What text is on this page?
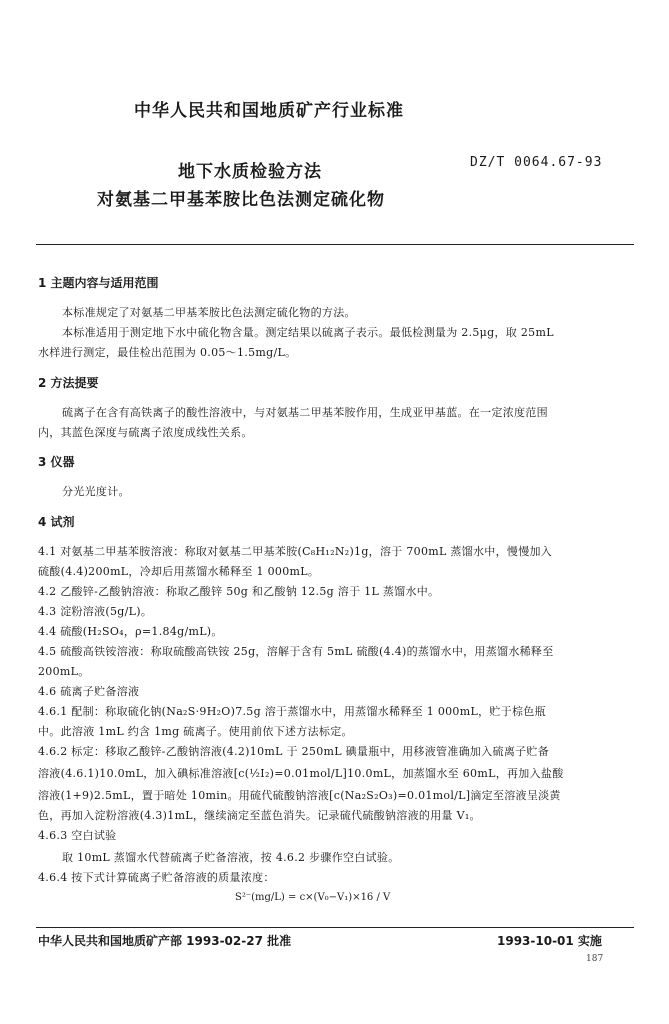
中华人民共和国地质矿产行业标准
地下水质检验方法
对氨基二甲基苯胺比色法测定硫化物
DZ/T 0064.67-93
1 主题内容与适用范围
本标准规定了对氨基二甲基苯胺比色法测定硫化物的方法。
本标准适用于测定地下水中硫化物含量。测定结果以硫离子表示。最低检测量为 2.5μg，取 25mL
水样进行测定，最佳检出范围为 0.05～1.5mg/L。
2 方法提要
硫离子在含有高铁离子的酸性溶液中，与对氨基二甲基苯胺作用，生成亚甲基蓝。在一定浓度范围
内，其蓝色深度与硫离子浓度成线性关系。
3 仪器
分光光度计。
4 试剂
4.1 对氨基二甲基苯胺溶液：称取对氨基二甲基苯胺(C₈H₁₂N₂)1g，溶于 700mL 蒸馏水中，慢慢加入
硫酸(4.4)200mL，冷却后用蒸馏水稀释至 1 000mL。
4.2 乙酸锌-乙酸钠溶液：称取乙酸锌 50g 和乙酸钠 12.5g 溶于 1L 蒸馏水中。
4.3 淀粉溶液(5g/L)。
4.4 硫酸(H₂SO₄，ρ=1.84g/mL)。
4.5 硫酸高铁铵溶液：称取硫酸高铁铵 25g，溶解于含有 5mL 硫酸(4.4)的蒸馏水中，用蒸馏水稀释至
200mL。
4.6 硫离子贮备溶液
4.6.1 配制：称取硫化钠(Na₂S·9H₂O)7.5g 溶于蒸馏水中，用蒸馏水稀释至 1 000mL，贮于棕色瓶
中。此溶液 1mL 约含 1mg 硫离子。使用前依下述方法标定。
4.6.2 标定：移取乙酸锌-乙酸钠溶液(4.2)10mL 于 250mL 碘量瓶中，用移液管准确加入硫离子贮备
溶液(4.6.1)10.0mL，加入碘标准溶液[c(½I₂)=0.01mol/L]10.0mL，加蒸馏水至 60mL，再加入盐酸
溶液(1+9)2.5mL，置于暗处 10min。用硫代硫酸钠溶液[c(Na₂S₂O₃)=0.01mol/L]滴定至溶液呈淡黄
色，再加入淀粉溶液(4.3)1mL，继续滴定至蓝色消失。记录硫代硫酸钠溶液的用量 V₁。
4.6.3 空白试验
取 10mL 蒸馏水代替硫离子贮备溶液，按 4.6.2 步骤作空白试验。
4.6.4 按下式计算硫离子贮备溶液的质量浓度：
S²⁻(mg/L) = c×(V₀−V₁)×16 / V
中华人民共和国地质矿产部 1993-02-27 批准	1993-10-01 实施
187
